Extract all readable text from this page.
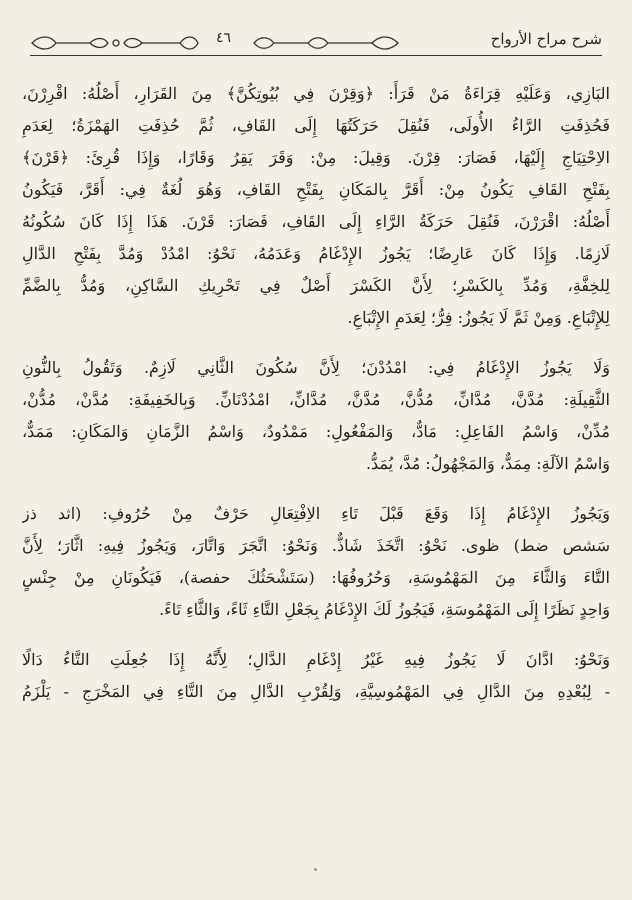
شرح مراح الأرواح
٤٦

البَازِي، وَعَلَيْهِ قِرَاءَةُ مَنْ قَرَأَ: ﴿وَقِرْنَ فِي بُيُوتِكُنَّ﴾ مِنَ القَرَارِ، أَصْلُهُ: اقْرِرْنَ،
فَحُذِفَتِ الرَّاءُ الأُولَى، فَنُقِلَ حَرَكَتُهَا إِلَى القَافِ، ثُمَّ حُذِفَتِ الهَمْزَةُ؛ لِعَدَمِ
الاِحْتِيَاجِ إِلَيْهَا، فَصَارَ: قِرْنَ. وَقِيلَ: مِنْ: وَقَرَ يَقِرُ وَقَارًا، وَإِذَا قُرِئَ: ﴿قَرْنَ﴾
بِفَتْحِ القَافِ يَكُونُ مِنْ: أَقَرَّ بِالمَكَانِ بِفَتْحِ القَافِ، وَهُوَ لُغَةٌ فِي: أَقَرَّ، فَيَكُونُ
أَصْلُهُ: اقْرَرْنَ، فَنُقِلَ حَرَكَةُ الرَّاءِ إِلَى القَافِ، فَصَارَ: قَرْنَ. هَذَا إِذَا كَانَ سُكُونُهُ
لَازِمًا. وَإِذَا كَانَ عَارِضًا؛ يَجُوزُ الإِدْغَامُ وَعَدَمُهُ، نَحْوُ: امْدُدْ وَمُدَّ بِفَتْحِ الدَّالِ
لِلخِفَّةِ، وَمُدِّ بِالكَسْرِ؛ لِأَنَّ الكَسْرَ أَصْلٌ فِي تَحْرِيكِ السَّاكِنِ، وَمُدُّ بِالضَّمِّ
لِلإِتْبَاعِ. وَمِنْ ثَمَّ لَا يَجُوزُ: فِرُّ؛ لِعَدَمِ الإِتْبَاعِ.

وَلَا يَجُوزُ الإِدْغَامُ فِي: امْدُدْنَ؛ لِأَنَّ سُكُونَ الثَّانِي لَازِمٌ. وَتَقُولُ بِالنُّونِ
الثَّقِيلَةِ: مُدَّنَّ، مُدَّانِّ، مُدُّنَّ، مُدَّنَّ، مُدَّانِّ، امْدُدْنَانِّ. وَبِالخَفِيفَةِ: مُدَّنْ، مُدُّنْ،
مُدِّنْ، وَاسْمُ الفَاعِلِ: مَادٌّ، وَالمَفْعُولِ: مَمْدُودٌ، وَاسْمُ الزَّمَانِ وَالمَكَانِ: مَمَدٌّ،
وَاسْمُ الآلَةِ: مِمَدٌّ، وَالمَجْهُولُ: مُدَّ، يُمَدُّ.

وَيَجُوزُ الإِدْغَامُ إِذَا وَقَعَ قَبْلَ تَاءِ الاِفْتِعَالِ حَرْفٌ مِنْ حُرُوفِ: (اثد ذز
سَشص ضط) ظوى. نَحْوُ: اتَّخَذَ شَاذٌّ. وَنَحْوُ: اتَّجَرَ وَاتَّارَ، وَيَجُوزُ فِيهِ: اثَّارَ؛ لِأَنَّ
التَّاءَ وَالثَّاءَ مِنَ المَهْمُوسَةِ، وَحُرُوفُهَا: (سَتَشْحَثُكَ حفصة)، فَيَكُونَانِ مِنْ جِنْسٍ
وَاحِدٍ نَظَرًا إِلَى المَهْمُوسَةِ، فَيَجُوزُ لَكَ الإِدْغَامُ بِجَعْلِ التَّاءِ ثَاءً، وَالثَّاءِ تَاءً.

وَنَحْوُ: ادَّانَ لَا يَجُوزُ فِيهِ غَيْرُ إِدْغَامِ الدَّالِ؛ لِأَنَّهُ إِذَا جُعِلَتِ التَّاءُ دَالًا
- لِبُعْدِهِ مِنَ الدَّالِ فِي المَهْمُوسِيَّةِ، وَلِقُرْبِ الدَّالِ مِنَ التَّاءِ فِي المَخْرَجِ - يَلْزَمُ
